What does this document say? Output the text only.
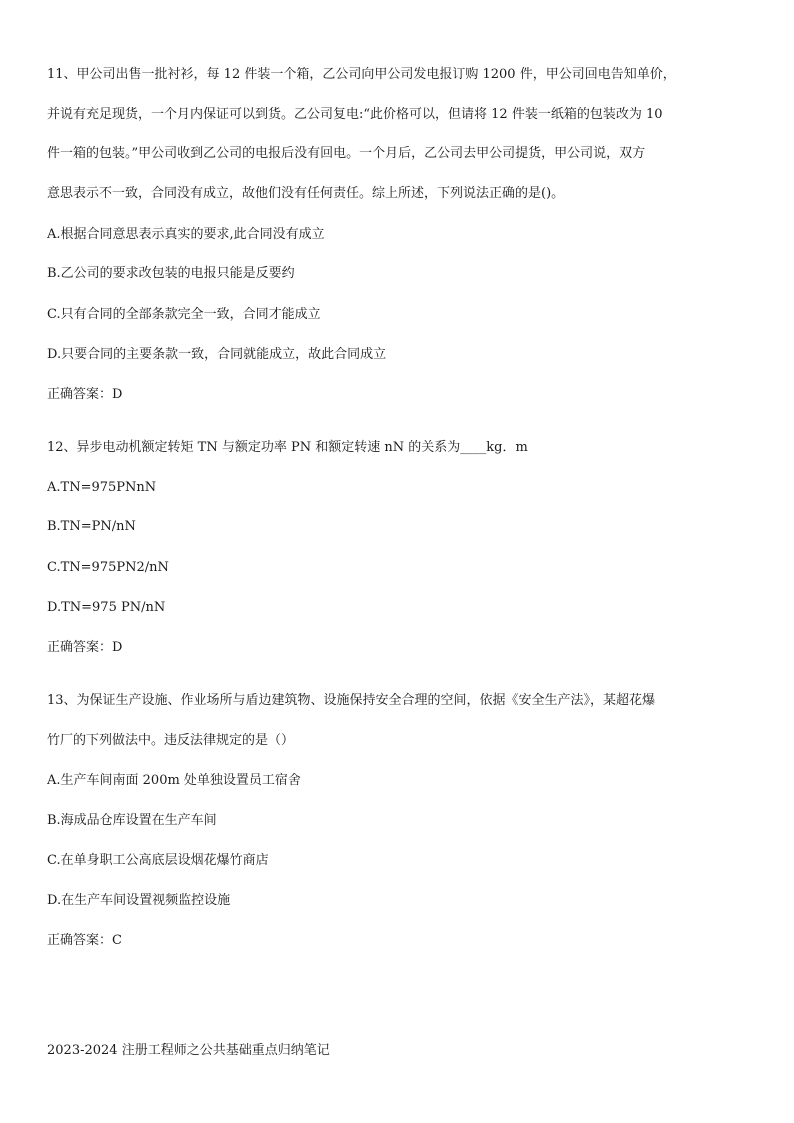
11、甲公司出售一批衬衫，每 12 件装一个箱，乙公司向甲公司发电报订购 1200 件，甲公司回电告知单价，
并说有充足现货，一个月内保证可以到货。乙公司复电:“此价格可以，但请将 12 件装一纸箱的包装改为 10
件一箱的包装。”甲公司收到乙公司的电报后没有回电。一个月后，乙公司去甲公司提货，甲公司说，双方
意思表示不一致，合同没有成立，故他们没有任何责任。综上所述，下列说法正确的是()。
A.根据合同意思表示真实的要求,此合同没有成立
B.乙公司的要求改包装的电报只能是反要约
C.只有合同的全部条款完全一致，合同才能成立
D.只要合同的主要条款一致，合同就能成立，故此合同成立
正确答案：D
12、异步电动机额定转矩 TN 与额定功率 PN 和额定转速 nN 的关系为____kg．m
A.TN=975PNnN
B.TN=PN/nN
C.TN=975PN2/nN
D.TN=975 PN/nN
正确答案：D
13、为保证生产设施、作业场所与盾边建筑物、设施保持安全合理的空间，依据《安全生产法》，某超花爆
竹厂的下列做法中。违反法律规定的是（）
A.生产车间南面 200m 处单独设置员工宿舍
B.海成品仓库设置在生产车间
C.在单身职工公高底层设烟花爆竹商店
D.在生产车间设置视频监控设施
正确答案：C
2023-2024 注册工程师之公共基础重点归纳笔记
